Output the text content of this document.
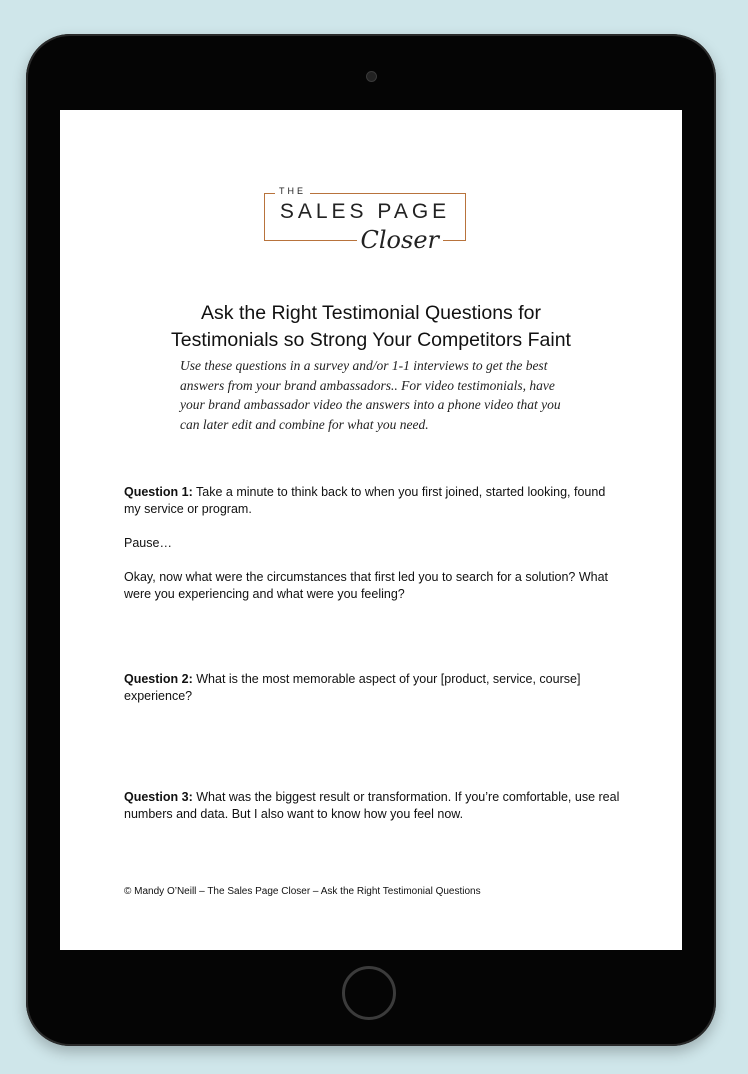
THE
SALES PAGE
Closer
Ask the Right Testimonial Questions for
Testimonials so Strong Your Competitors Faint
Use these questions in a survey and/or 1-1 interviews to get the best answers from your brand ambassadors.. For video testimonials, have your brand ambassador video the answers into a phone video that you can later edit and combine for what you need.
Question 1: Take a minute to think back to when you first joined, started looking, found my service or program.
Pause…
Okay, now what were the circumstances that first led you to search for a solution? What were you experiencing and what were you feeling?
Question 2: What is the most memorable aspect of your [product, service, course] experience?
Question 3: What was the biggest result or transformation. If you’re comfortable, use real numbers and data. But I also want to know how you feel now.
© Mandy O’Neill – The Sales Page Closer – Ask the Right Testimonial Questions
